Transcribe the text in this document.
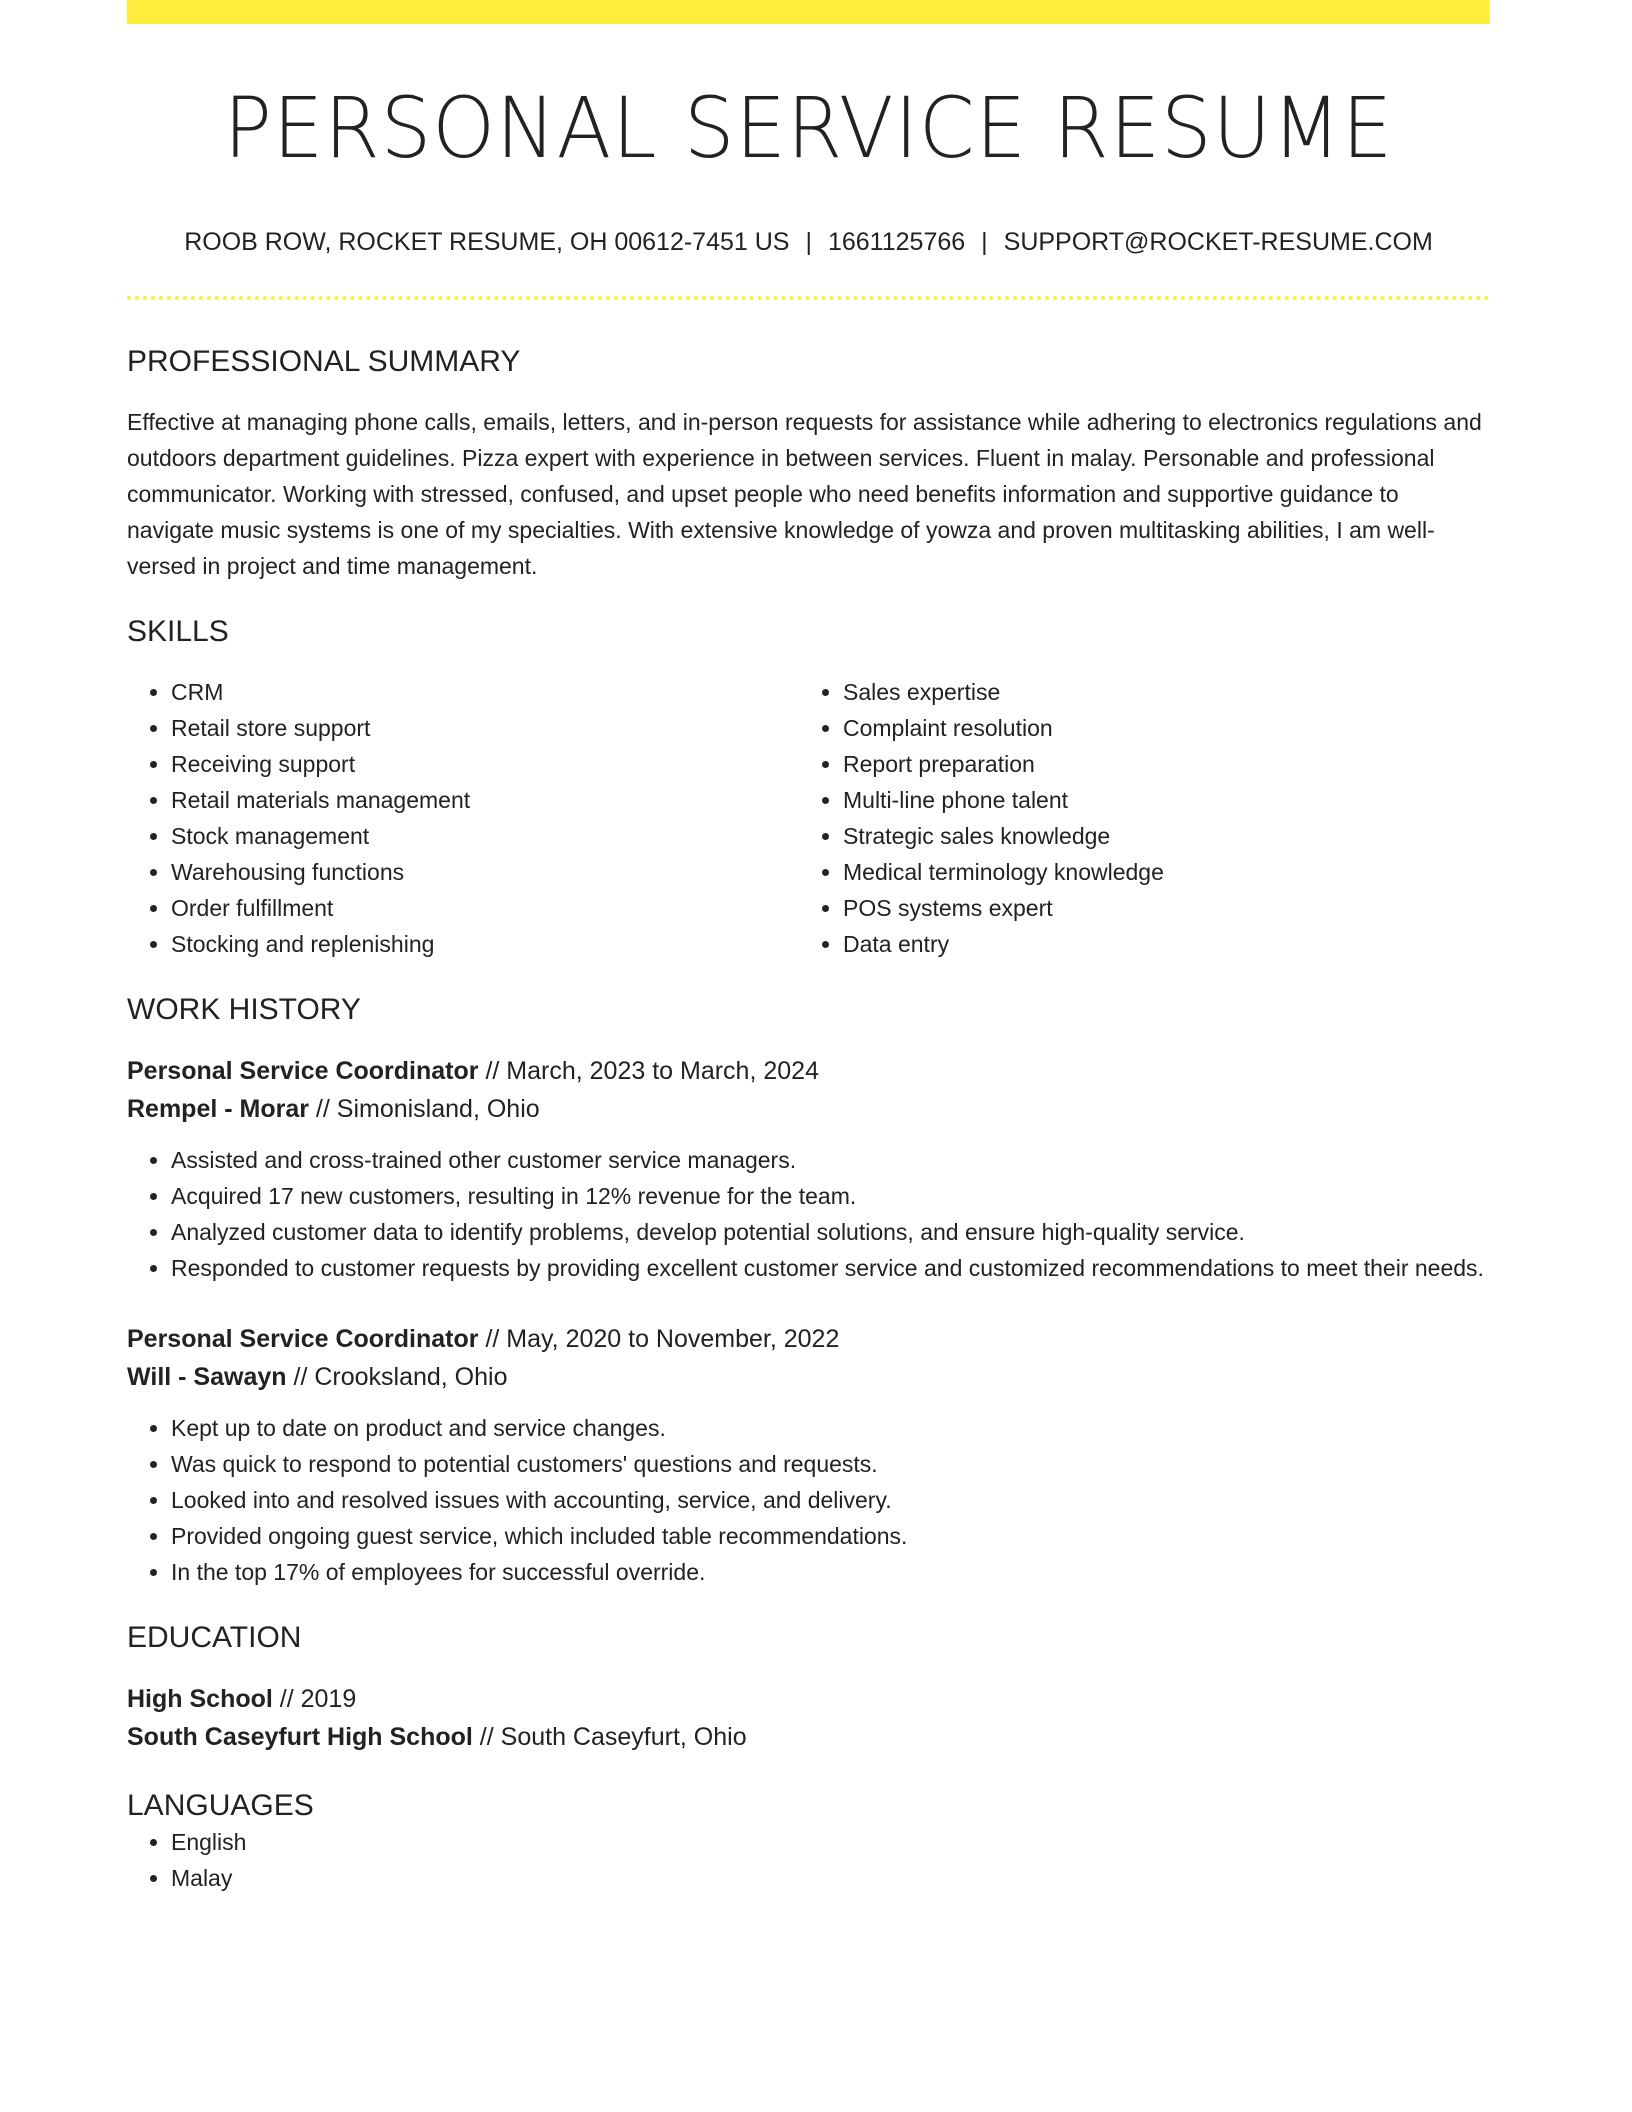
PERSONAL SERVICE RESUME
ROOB ROW, ROCKET RESUME, OH 00612-7451 US | 1661125766 | SUPPORT@ROCKET-RESUME.COM
PROFESSIONAL SUMMARY
Effective at managing phone calls, emails, letters, and in-person requests for assistance while adhering to electronics regulations and outdoors department guidelines. Pizza expert with experience in between services. Fluent in malay. Personable and professional communicator. Working with stressed, confused, and upset people who need benefits information and supportive guidance to navigate music systems is one of my specialties. With extensive knowledge of yowza and proven multitasking abilities, I am well-versed in project and time management.
SKILLS
• CRM
• Retail store support
• Receiving support
• Retail materials management
• Stock management
• Warehousing functions
• Order fulfillment
• Stocking and replenishing
• Sales expertise
• Complaint resolution
• Report preparation
• Multi-line phone talent
• Strategic sales knowledge
• Medical terminology knowledge
• POS systems expert
• Data entry
WORK HISTORY
Personal Service Coordinator // March, 2023 to March, 2024
Rempel - Morar // Simonisland, Ohio
• Assisted and cross-trained other customer service managers.
• Acquired 17 new customers, resulting in 12% revenue for the team.
• Analyzed customer data to identify problems, develop potential solutions, and ensure high-quality service.
• Responded to customer requests by providing excellent customer service and customized recommendations to meet their needs.
Personal Service Coordinator // May, 2020 to November, 2022
Will - Sawayn // Crooksland, Ohio
• Kept up to date on product and service changes.
• Was quick to respond to potential customers' questions and requests.
• Looked into and resolved issues with accounting, service, and delivery.
• Provided ongoing guest service, which included table recommendations.
• In the top 17% of employees for successful override.
EDUCATION
High School // 2019
South Caseyfurt High School // South Caseyfurt, Ohio
LANGUAGES
• English
• Malay
